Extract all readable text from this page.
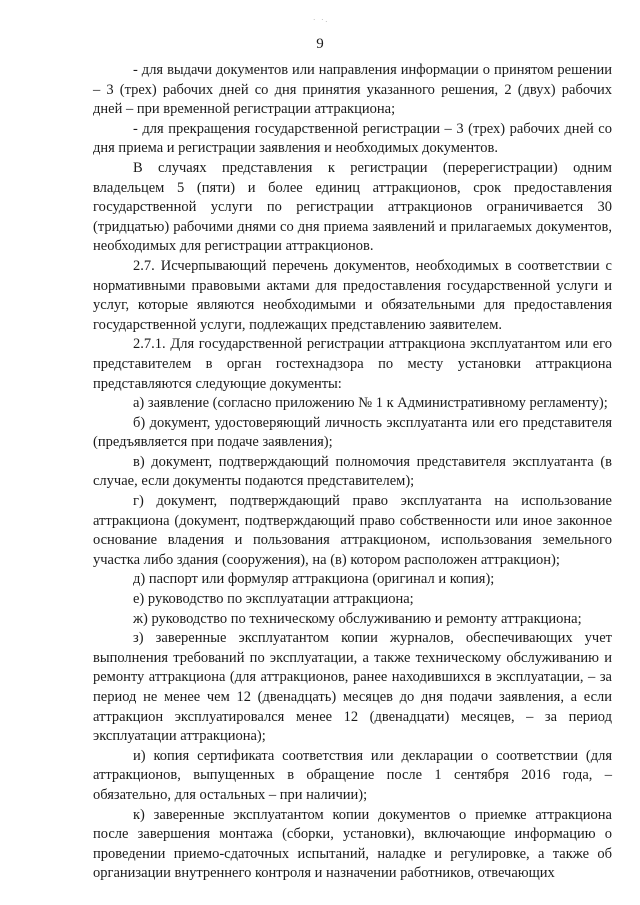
· ·.
9

- для выдачи документов или направления информации о принятом решении – 3 (трех) рабочих дней со дня принятия указанного решения, 2 (двух) рабочих дней – при временной регистрации аттракциона;

- для прекращения государственной регистрации – 3 (трех) рабочих дней со дня приема и регистрации заявления и необходимых документов.

В случаях представления к регистрации (перерегистрации) одним владельцем 5 (пяти) и более единиц аттракционов, срок предоставления государственной услуги по регистрации аттракционов ограничивается 30 (тридцатью) рабочими днями со дня приема заявлений и прилагаемых документов, необходимых для регистрации аттракционов.

2.7. Исчерпывающий перечень документов, необходимых в соответствии с нормативными правовыми актами для предоставления государственной услуги и услуг, которые являются необходимыми и обязательными для предоставления государственной услуги, подлежащих представлению заявителем.

2.7.1. Для государственной регистрации аттракциона эксплуатантом или его представителем в орган гостехнадзора по месту установки аттракциона представляются следующие документы:

а) заявление (согласно приложению № 1 к Административному регламенту);

б) документ, удостоверяющий личность эксплуатанта или его представителя (предъявляется при подаче заявления);

в) документ, подтверждающий полномочия представителя эксплуатанта (в случае, если документы подаются представителем);

г) документ, подтверждающий право эксплуатанта на использование аттракциона (документ, подтверждающий право собственности или иное законное основание владения и пользования аттракционом, использования земельного участка либо здания (сооружения), на (в) котором расположен аттракцион);

д) паспорт или формуляр аттракциона (оригинал и копия);

е) руководство по эксплуатации аттракциона;

ж) руководство по техническому обслуживанию и ремонту аттракциона;

з) заверенные эксплуатантом копии журналов, обеспечивающих учет выполнения требований по эксплуатации, а также техническому обслуживанию и ремонту аттракциона (для аттракционов, ранее находившихся в эксплуатации, – за период не менее чем 12 (двенадцать) месяцев до дня подачи заявления, а если аттракцион эксплуатировался менее 12 (двенадцати) месяцев, – за период эксплуатации аттракциона);

и) копия сертификата соответствия или декларации о соответствии (для аттракционов, выпущенных в обращение после 1 сентября 2016 года, – обязательно, для остальных – при наличии);

к) заверенные эксплуатантом копии документов о приемке аттракциона после завершения монтажа (сборки, установки), включающие информацию о проведении приемо-сдаточных испытаний, наладке и регулировке, а также об организации внутреннего контроля и назначении работников, отвечающих
